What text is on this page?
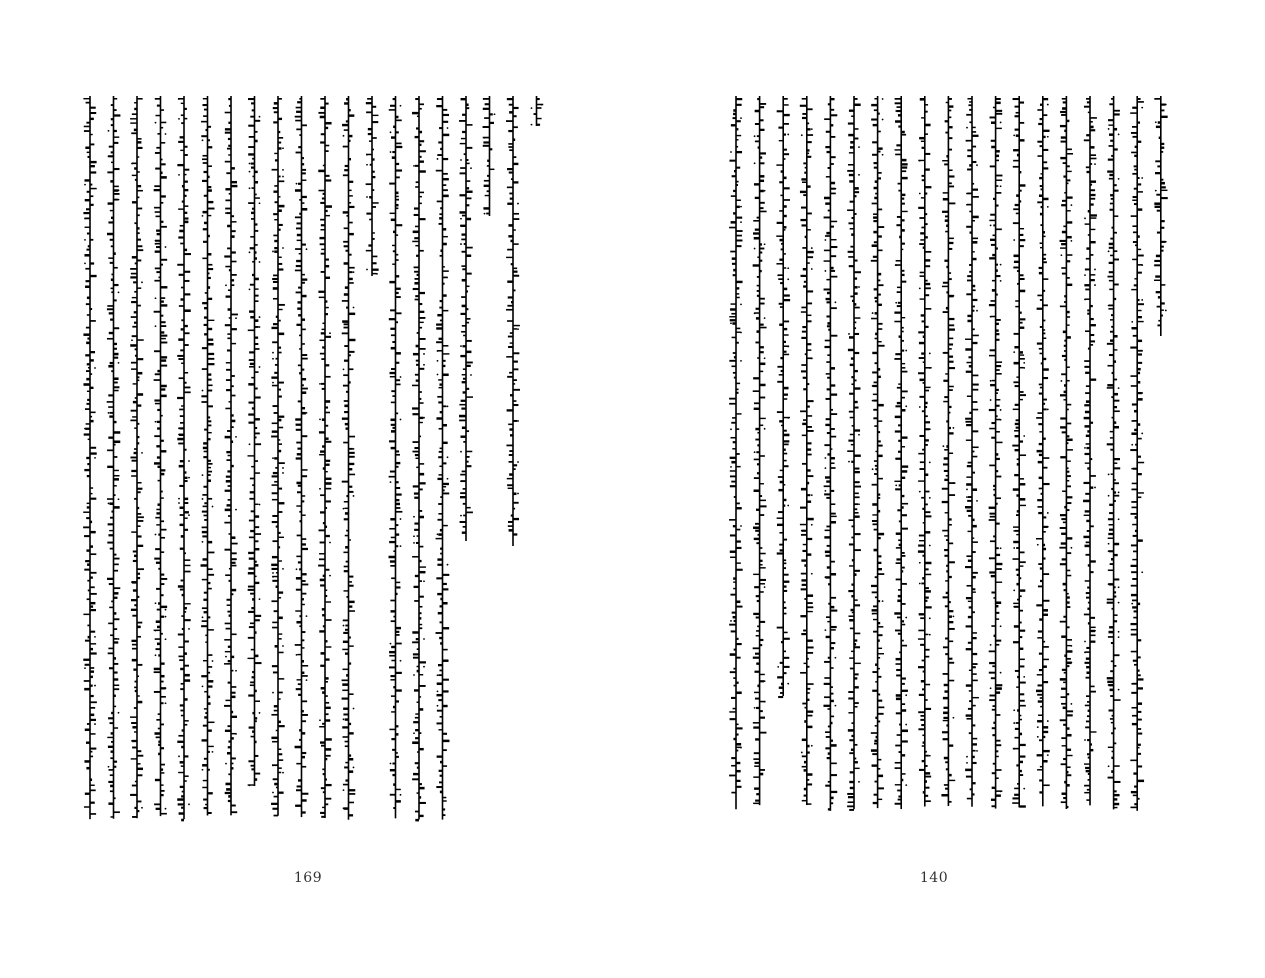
169	140
